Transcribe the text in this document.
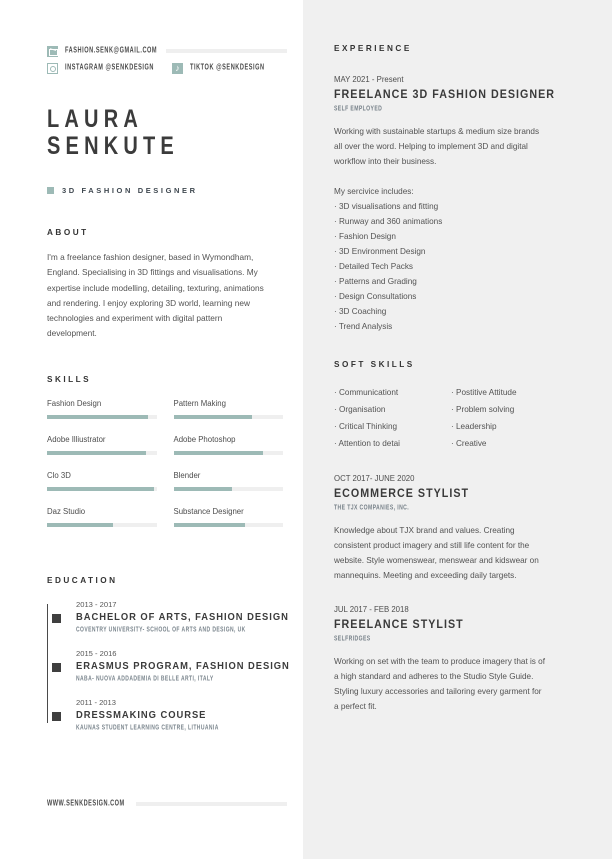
FASHION.SENK@GMAIL.COM
INSTAGRAM @SENKDESIGN ♪	TIKTOK @SENKDESIGN
LAURA
SENKUTE
3D FASHION DESIGNER
ABOUT
I'm a freelance fashion designer, based in Wymondham, England. Specialising in 3D fittings and visualisations. My expertise include modelling, detailing, texturing, animations and rendering. I enjoy exploring 3D world, learning new technologies and experiment with digital pattern development.
SKILLS
Fashion Design	Pattern Making
Adobe Illiustrator	Adobe Photoshop
Clo 3D	Blender
Daz Studio	Substance Designer
EDUCATION
2013 - 2017
BACHELOR OF ARTS, FASHION DESIGN
COVENTRY UNIVERSITY- SCHOOL OF ARTS AND DESIGN, UK
2015 - 2016
ERASMUS PROGRAM, FASHION DESIGN
NABA- NUOVA ADDADEMIA DI BELLE ARTI, ITALY
2011 - 2013
DRESSMAKING COURSE
KAUNAS STUDENT LEARNING CENTRE, LITHUANIA
WWW.SENKDESIGN.COM
EXPERIENCE
MAY 2021 - Present
FREELANCE 3D FASHION DESIGNER
SELF EMPLOYED
Working with sustainable startups & medium size brands all over the word. Helping to implement 3D and digital workflow into their business.
My sercivice includes:
· 3D visualisations and fitting
· Runway and 360 animations
· Fashion Design
· 3D Environment Design
· Detailed Tech Packs
· Patterns and Grading
· Design Consultations
· 3D Coaching
· Trend Analysis
SOFT SKILLS
· Communicationt	· Postitive Attitude
· Organisation	· Problem solving
· Critical Thinking	· Leadership
· Attention to detai	· Creative
OCT 2017- JUNE 2020
ECOMMERCE STYLIST
THE TJX COMPANIES, INC.
Knowledge about TJX brand and values. Creating consistent product imagery and still life content for the website. Style womenswear, menswear and kidswear on mannequins. Meeting and exceeding daily targets.
JUL 2017 - FEB 2018
FREELANCE STYLIST
SELFRIDGES
Working on set with the team to produce imagery that is of a high standard and adheres to the Studio Style Guide. Styling luxury accessories and tailoring every garment for a perfect fit.
